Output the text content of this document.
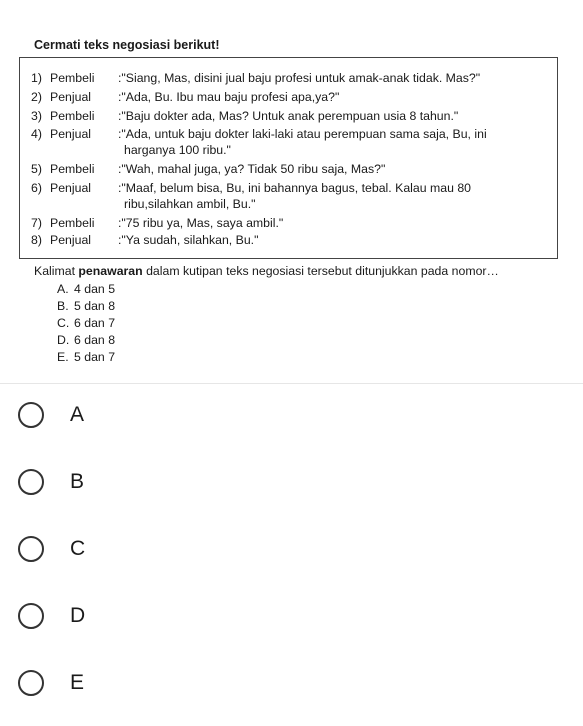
Cermati teks negosiasi berikut!
1) Pembeli :"Siang, Mas, disini jual baju profesi untuk amak-anak tidak. Mas?"
2) Penjual :"Ada, Bu. Ibu mau baju profesi apa,ya?"
3) Pembeli :"Baju dokter ada, Mas? Untuk anak perempuan usia 8 tahun."
4) Penjual :"Ada, untuk baju dokter laki-laki atau perempuan sama saja, Bu, ini
harganya 100 ribu."
5) Pembeli :"Wah, mahal juga, ya? Tidak 50 ribu saja, Mas?"
6) Penjual :"Maaf, belum bisa, Bu, ini bahannya bagus, tebal. Kalau mau 80
ribu,silahkan ambil, Bu."
7) Pembeli :"75 ribu ya, Mas, saya ambil."
8) Penjual :"Ya sudah, silahkan, Bu."
Kalimat penawaran dalam kutipan teks negosiasi tersebut ditunjukkan pada nomor…
A. 4 dan 5
B. 5 dan 8
C. 6 dan 7
D. 6 dan 8
E. 5 dan 7
A
B
C
D
E
